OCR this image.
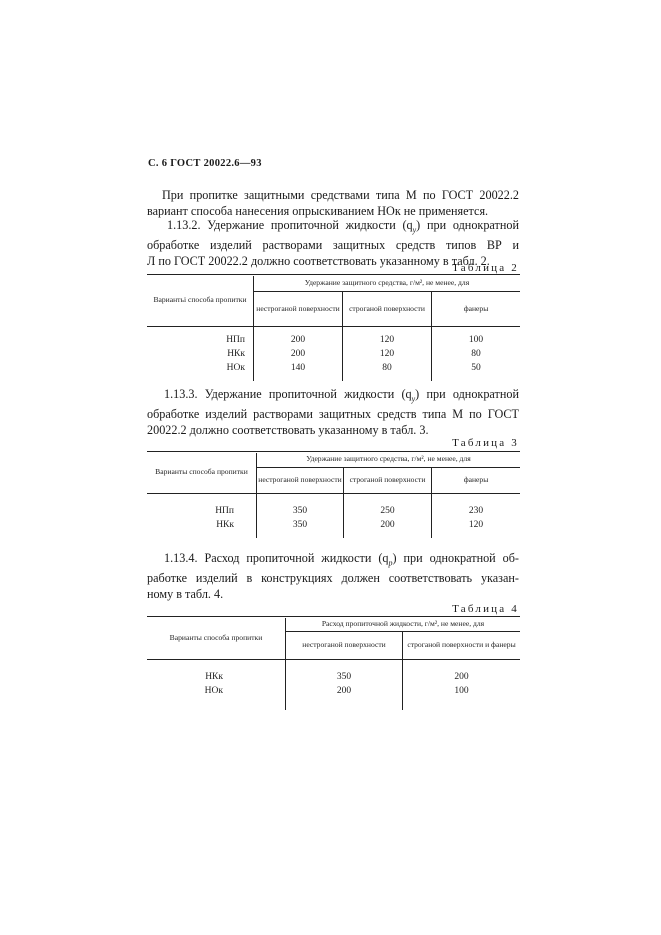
С. 6 ГОСТ 20022.6—93
При пропитке защитными средствами типа М по ГОСТ 20022.2
вариант способа нанесения опрыскиванием НОк не применяется.
1.13.2. Удержание пропиточной жидкости $(q_у)$ при однократной
обработке изделий растворами защитных средств типов ВР и
Л по ГОСТ 20022.2 должно соответствовать указанному в табл. 2.
Таблица 2

Вариантьі способа пропитки	Удержание защитного средства, г/м², не менее, для		
	нестроганой поверхности	строганой поверхности	фанеры

НПп	200	120	100
НКк	200	120	80
НОк	140	80	50

1.13.3. Удержание пропиточной жидкости $(q_у)$ при однократной
обработке изделий растворами защитных средств типа М по ГОСТ
20022.2 должно соответствовать указанному в табл. 3.
Таблица 3

Варианты способа пропитки	Удержание защитного средства, г/м², не менее, для		
	нестроганой поверхности	строганой поверхности	фанеры

НПп	350	250	230
НКк	350	200	120

1.13.4. Расход пропиточной жидкости $(q_р)$ при однократной об-
работке изделий в конструкциях должен соответствовать указан-
ному в табл. 4.
Таблица 4

Варианты способа пропитки	Расход пропиточной жидкости, г/м², не менее, для	
	нестроганой поверхности	строганой поверхности и фанеры

НКк	350	200
НОк	200	100
